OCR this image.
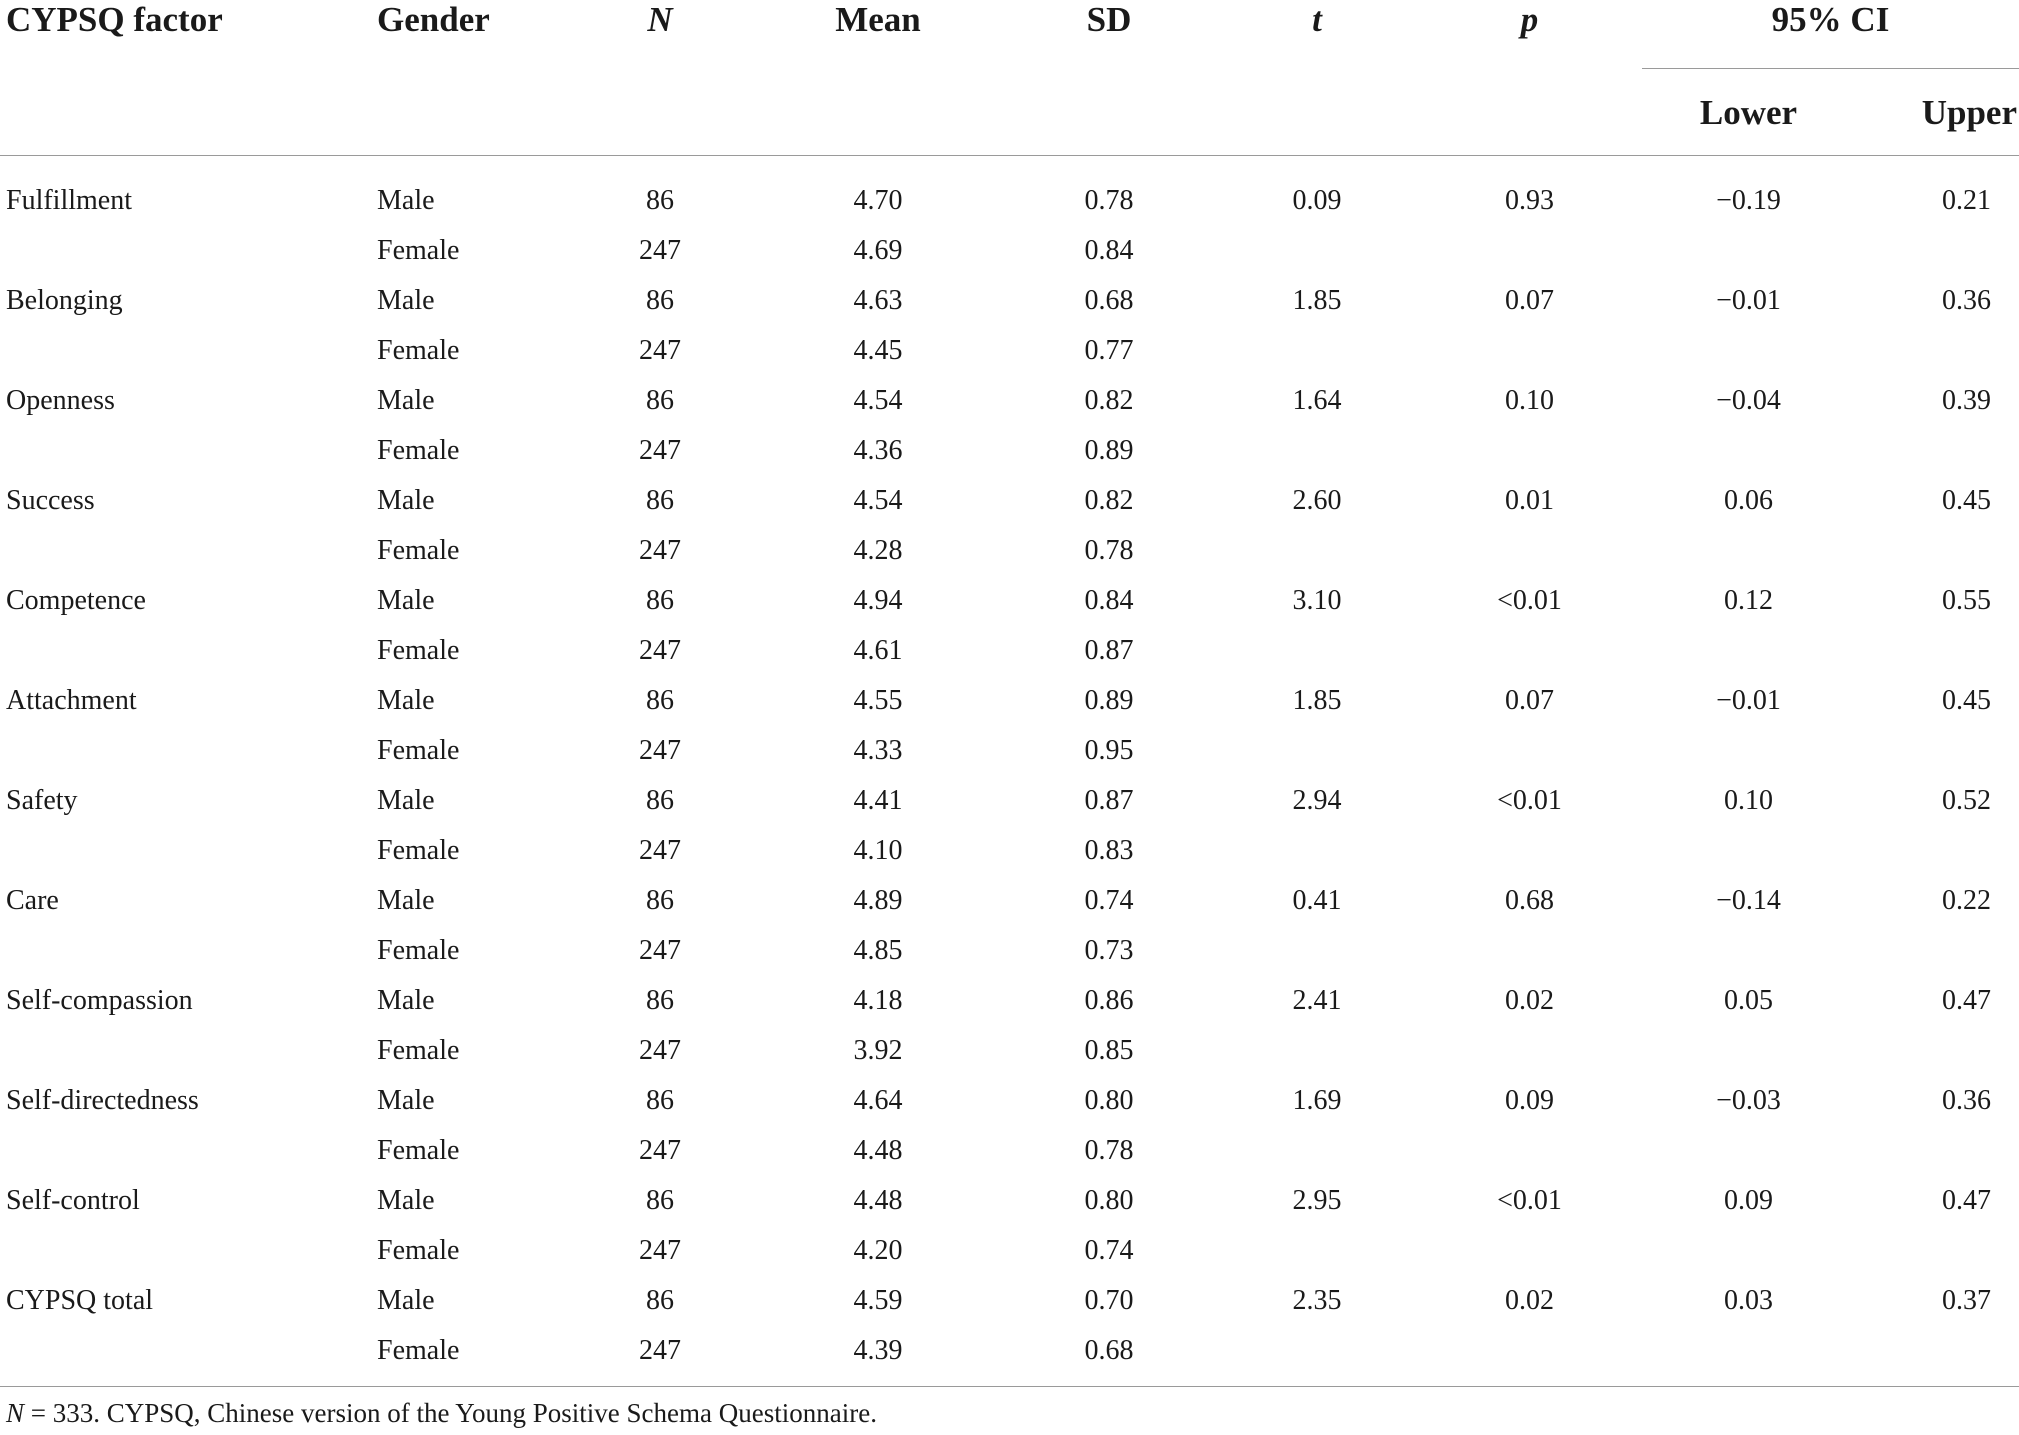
CYPSQ factor	Gender	N	Mean	SD	t	p	95% CI	
							Lower	Upper
Fulfillment	Male	86	4.70	0.78	0.09	0.93	−0.19	0.21
	Female	247	4.69	0.84				
Belonging	Male	86	4.63	0.68	1.85	0.07	−0.01	0.36
	Female	247	4.45	0.77				
Openness	Male	86	4.54	0.82	1.64	0.10	−0.04	0.39
	Female	247	4.36	0.89				
Success	Male	86	4.54	0.82	2.60	0.01	0.06	0.45
	Female	247	4.28	0.78				
Competence	Male	86	4.94	0.84	3.10	<0.01	0.12	0.55
	Female	247	4.61	0.87				
Attachment	Male	86	4.55	0.89	1.85	0.07	−0.01	0.45
	Female	247	4.33	0.95				
Safety	Male	86	4.41	0.87	2.94	<0.01	0.10	0.52
	Female	247	4.10	0.83				
Care	Male	86	4.89	0.74	0.41	0.68	−0.14	0.22
	Female	247	4.85	0.73				
Self-compassion	Male	86	4.18	0.86	2.41	0.02	0.05	0.47
	Female	247	3.92	0.85				
Self-directedness	Male	86	4.64	0.80	1.69	0.09	−0.03	0.36
	Female	247	4.48	0.78				
Self-control	Male	86	4.48	0.80	2.95	<0.01	0.09	0.47
	Female	247	4.20	0.74				
CYPSQ total	Male	86	4.59	0.70	2.35	0.02	0.03	0.37
	Female	247	4.39	0.68				
N = 333. CYPSQ, Chinese version of the Young Positive Schema Questionnaire.
